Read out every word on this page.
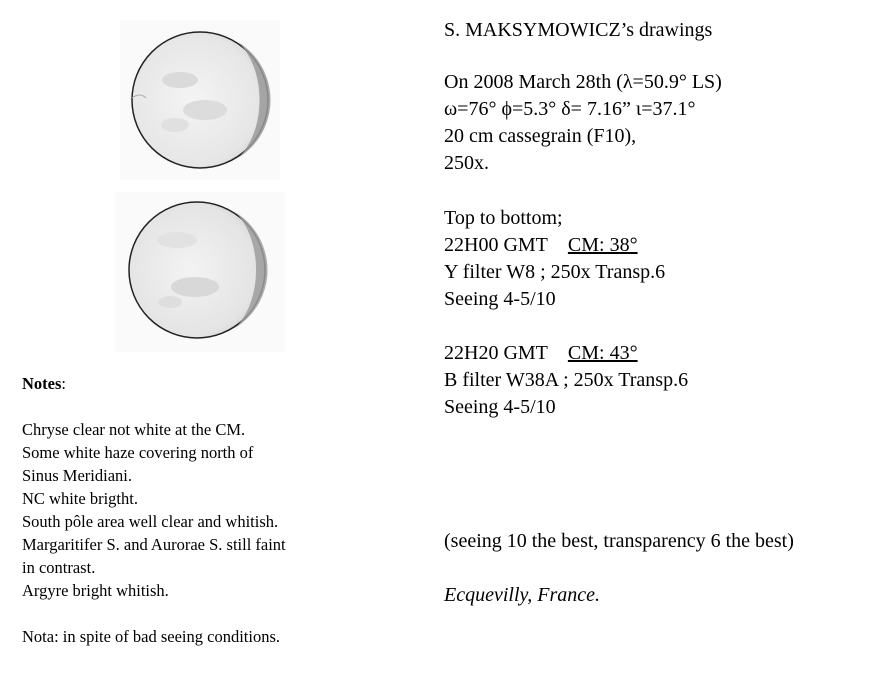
S. MAKSYMOWICZ’s drawings
On 2008 March 28th (λ=50.9° LS)
ω=76° ϕ=5.3° δ= 7.16” ι=37.1°
20 cm cassegrain (F10),
250x.
Top to bottom;
22H00 GMT CM: 38°
Y filter W8 ; 250x Transp.6
Seeing 4-5/10
22H20 GMT CM: 43°
B filter W38A ; 250x Transp.6
Seeing 4-5/10
(seeing 10 the best, transparency 6 the best)
Ecquevilly, France.
Notes:
Chryse clear not white at the CM.
Some white haze covering north of
Sinus Meridiani.
NC white brigtht.
South pôle area well clear and whitish.
Margaritifer S. and Aurorae S. still faint
in contrast.
Argyre bright whitish.
Nota: in spite of bad seeing conditions.
